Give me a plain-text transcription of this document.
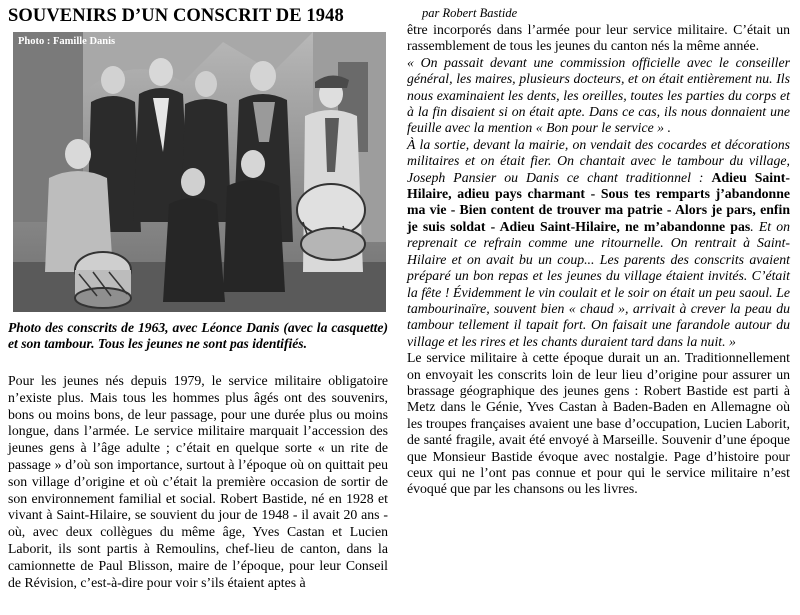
SOUVENIRS D’UN CONSCRIT DE 1948
Photo : Famille Danis
Photo des conscrits de 1963, avec Léonce Danis (avec la casquette) et son tambour. Tous les jeunes ne sont pas identifiés.
Pour les jeunes nés depuis 1979, le service militaire obligatoire n’existe plus. Mais tous les hommes plus âgés ont des souvenirs, bons ou moins bons, de leur passage, pour une durée plus ou moins longue, dans l’armée. Le service militaire marquait l’accession des jeunes gens à l’âge adulte ; c’était en quelque sorte « un rite de passage » d’où son importance, surtout à l’époque où on quittait peu son village d’origine et où c’était la première occasion de sortir de son environnement familial et social. Robert Bastide, né en 1928 et vivant à Saint-Hilaire, se souvient du jour de 1948 - il avait 20 ans - où, avec deux collègues du même âge, Yves Castan et Lucien Laborit, ils sont partis à Remoulins, chef-lieu de canton, dans la camionnette de Paul Blisson, maire de l’époque, pour leur Conseil de Révision, c’est-à-dire pour voir s’ils étaient aptes à
par Robert Bastide

être incorporés dans l’armée pour leur service militaire. C’était un rassemblement de tous les jeunes du canton nés la même année.

« On passait devant une commission officielle avec le conseiller général, les maires, plusieurs docteurs, et on était entièrement nu. Ils nous examinaient les dents, les oreilles, toutes les parties du corps et à la fin disaient si on était apte. Dans ce cas, ils nous donnaient une feuille avec la mention « Bon pour le service » .

À la sortie, devant la mairie, on vendait des cocardes et décorations militaires et on était fier. On chantait avec le tambour du village, Joseph Pansier ou Danis ce chant traditionnel : Adieu Saint-Hilaire, adieu pays charmant - Sous tes remparts j’abandonne ma vie - Bien content de trouver ma patrie - Alors je pars, enfin je suis soldat - Adieu Saint-Hilaire, ne m’abandonne pas. Et on reprenait ce refrain comme une ritournelle. On rentrait à Saint-Hilaire et on avait bu un coup... Les parents des conscrits avaient préparé un bon repas et les jeunes du village étaient invités. C’était la fête ! Évidemment le vin coulait et le soir on était un peu saoul. Le tambourinaïre, souvent bien « chaud », arrivait à crever la peau du tambour tellement il tapait fort. On faisait une farandole autour du village et les rires et les chants duraient tard dans la nuit. »

Le service militaire à cette époque durait un an. Traditionnellement on envoyait les conscrits loin de leur lieu d’origine pour assurer un brassage géographique des jeunes gens : Robert Bastide est parti à Metz dans le Génie, Yves Castan à Baden-Baden en Allemagne où les troupes françaises avaient une base d’occupation, Lucien Laborit, de santé fragile, avait été envoyé à Marseille. Souvenir d’une époque que Monsieur Bastide évoque avec nostalgie. Page d’histoire pour ceux qui ne l’ont pas connue et pour qui le service militaire n’est évoqué que par les chansons ou les livres.
